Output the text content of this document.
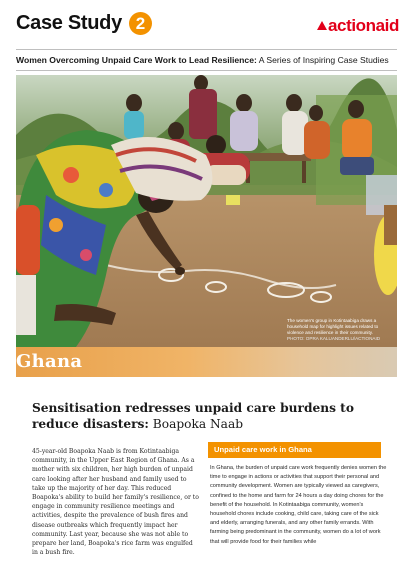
Case Study 2	actionaid
Women Overcoming Unpaid Care Work to Lead Resilience: A Series of Inspiring Case Studies
The women's group in Kotintaabiga draws a household map for highlight issues related to violence and resilience in their community.
PHOTO: OPRA KALUANDERLU/ACTIONAID
Ghana
Sensitisation redresses unpaid care burdens to reduce disasters: Boapoka Naab

45-year-old Boapoka Naab is from Kotintaabiga community, in the Upper East Region of Ghana. As a mother with six children, her high burden of unpaid care looking after her husband and family used to take up the majority of her day. This reduced Boapoka's ability to build her family's resilience, or to engage in community resilience meetings and activities, despite the prevalence of bush fires and disease outbreaks which frequently impact her community. Last year, because she was not able to prepare her land, Boapoka's rice farm was engulfed in a bush fire.

Unpaid care work in Ghana

In Ghana, the burden of unpaid care work frequently denies women the time to engage in actions or activities that support their personal and community development. Women are typically viewed as caregivers, confined to the home and farm for 24 hours a day doing chores for the benefit of the household. In Kotintaabiga community, women's household chores include cooking, child care, taking care of the sick and elderly, arranging funerals, and any other family errands. With farming being predominant in the community, women do a lot of work that will provide food for their families while
